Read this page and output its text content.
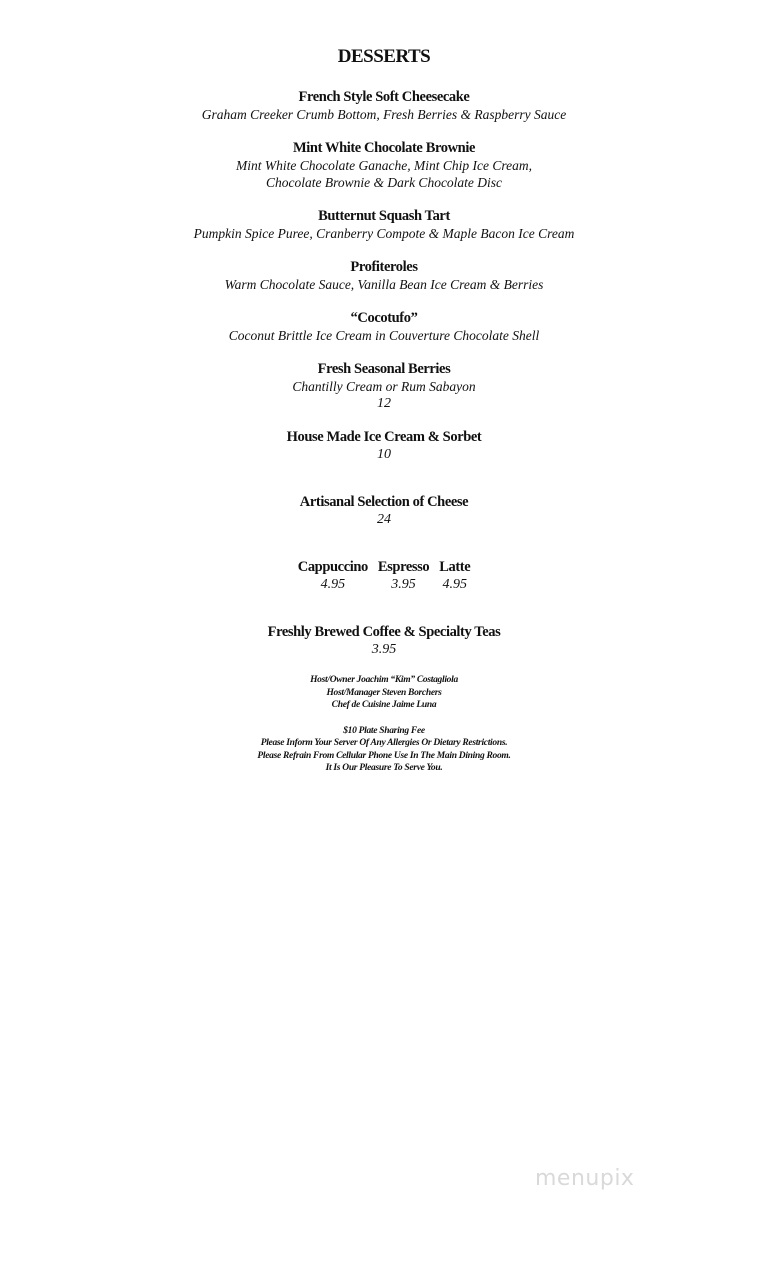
DESSERTS
French Style Soft Cheesecake
Graham Creeker Crumb Bottom, Fresh Berries & Raspberry Sauce
Mint White Chocolate Brownie
Mint White Chocolate Ganache, Mint Chip Ice Cream,
Chocolate Brownie & Dark Chocolate Disc
Butternut Squash Tart
Pumpkin Spice Puree, Cranberry Compote & Maple Bacon Ice Cream
Profiteroles
Warm Chocolate Sauce, Vanilla Bean Ice Cream & Berries
“Cocotufo”
Coconut Brittle Ice Cream in Couverture Chocolate Shell
Fresh Seasonal Berries
Chantilly Cream or Rum Sabayon
12
House Made Ice Cream & Sorbet
10
Artisanal Selection of Cheese
24
Cappuccino
4.95
Espresso
3.95
Latte
4.95
Freshly Brewed Coffee & Specialty Teas
3.95
Host/Owner Joachim “Kim” Costagliola
Host/Manager Steven Borchers
Chef de Cuisine Jaime Luna
$10 Plate Sharing Fee
Please Inform Your Server Of Any Allergies Or Dietary Restrictions.
Please Refrain From Cellular Phone Use In The Main Dining Room.
It Is Our Pleasure To Serve You.
menupix
